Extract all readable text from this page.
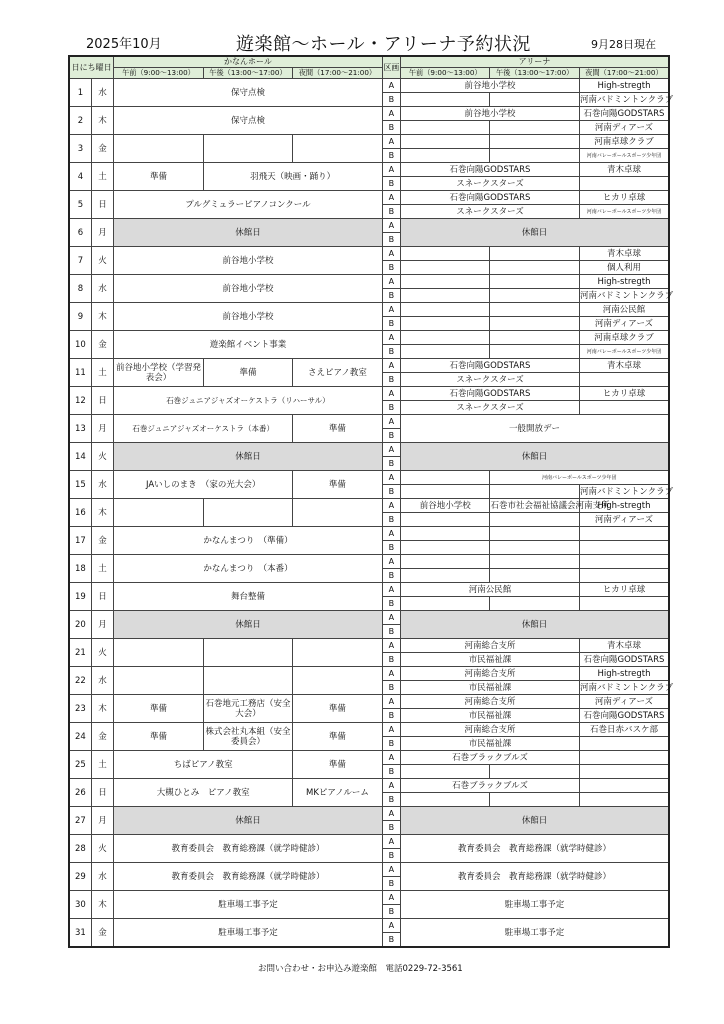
2025年10月	遊楽館～ホール・アリーナ予約状況	9月28日現在
日にち曜日		かなんホール			区画	アリーナ		
		午前（9:00～13:00）	午後（13:00～17:00）	夜間（17:00～21:00）		午前（9:00～13:00）	午後（13:00～17:00）	夜間（17:00～21:00）
1	水	保守点検			A	前谷地小学校		High-stregth
					B			河南バドミントンクラブ
2	木	保守点検			A	前谷地小学校		石巻向陽GODSTARS
					B			河南ディアーズ
3	金				A			河南卓球クラブ
					B			河南バレーボールスポーツ少年団
4	土	準備	羽飛天（映画・踊り）		A	石巻向陽GODSTARS		青木卓球
					B	スネークスターズ		
5	日	プルグミュラーピアノコンクール			A	石巻向陽GODSTARS		ヒカリ卓球
					B	スネークスターズ		河南バレーボールスポーツ少年団
6	月	休館日			A	休館日		
					B			
7	火	前谷地小学校			A			青木卓球
					B			個人利用
8	水	前谷地小学校			A			High-stregth
					B			河南バドミントンクラブ
9	木	前谷地小学校			A			河南公民館
					B			河南ディアーズ
10	金	遊楽館イベント事業			A			河南卓球クラブ
					B			河南バレーボールスポーツ少年団
11	土	前谷地小学校（学習発表会）	準備	さえピアノ教室	A	石巻向陽GODSTARS		青木卓球
					B	スネークスターズ		
12	日	石巻ジュニアジャズオーケストラ（リハーサル）			A	石巻向陽GODSTARS		ヒカリ卓球
					B	スネークスターズ		
13	月	石巻ジュニアジャズオーケストラ（本番）		準備	A	一般開放デー		
					B			
14	火	休館日			A	休館日		
					B			
15	水	JAいしのまき　（家の光大会）		準備	A		河南バレーボールスポーツ少年団	
					B			河南バドミントンクラブ
16	木				A	前谷地小学校	石巻市社会福祉協議会河南支所	High-stregth
					B			河南ディアーズ
17	金	かなんまつり　（準備）			A			
					B			
18	土	かなんまつり　（本番）			A			
					B			
19	日	舞台整備			A	河南公民館		ヒカリ卓球
					B			
20	月	休館日			A	休館日		
					B			
21	火				A	河南総合支所		青木卓球
					B	市民福祉課		石巻向陽GODSTARS
22	水				A	河南総合支所		High-stregth
					B	市民福祉課		河南バドミントンクラブ
23	木	準備	石巻地元工務店（安全大会）	準備	A	河南総合支所		河南ディアーズ
					B	市民福祉課		石巻向陽GODSTARS
24	金	準備	株式会社丸本組（安全委員会）	準備	A	河南総合支所		石巻日赤バスケ部
					B	市民福祉課		
25	土	ちばピアノ教室		準備	A	石巻ブラックブルズ		
					B			
26	日	大槻ひとみ　ピアノ教室		MKピアノルーム	A	石巻ブラックブルズ		
					B			
27	月	休館日			A	休館日		
					B			
28	火	教育委員会　教育総務課（就学時健診）			A	教育委員会　教育総務課（就学時健診）		
					B			
29	水	教育委員会　教育総務課（就学時健診）			A	教育委員会　教育総務課（就学時健診）		
					B			
30	木	駐車場工事予定			A	駐車場工事予定		
					B			
31	金	駐車場工事予定			A	駐車場工事予定		
					B			
お問い合わせ・お申込み遊楽館　電話0229-72-3561
